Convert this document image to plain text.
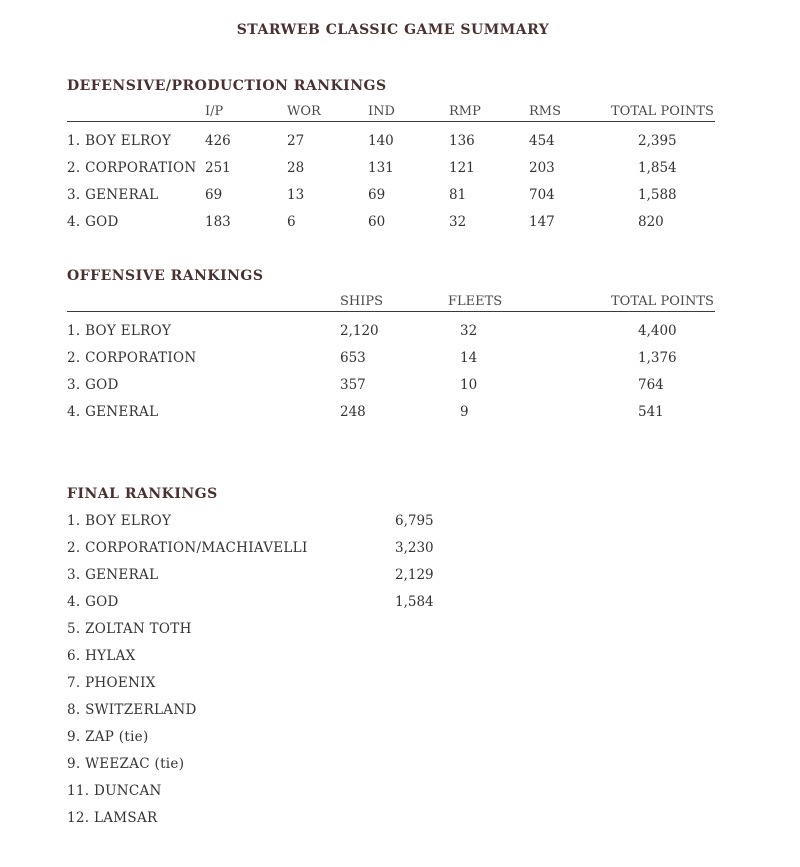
STARWEB CLASSIC GAME SUMMARY
DEFENSIVE/PRODUCTION RANKINGS
I/P	WOR	IND	RMP	RMS	TOTAL POINTS
1. BOY ELROY	426	27	140	136	454	2,395
2. CORPORATION 251	28	131	121	203	1,854
3. GENERAL	69	13	69	81	704	1,588
4. GOD	183	6	60	32	147	820
OFFENSIVE RANKINGS
SHIPS	FLEETS	TOTAL POINTS
1. BOY ELROY	2,120	32	4,400
2. CORPORATION	653	14	1,376
3. GOD	357	10	764
4. GENERAL	248	9	541
FINAL RANKINGS
1. BOY ELROY	6,795
2. CORPORATION/MACHIAVELLI	3,230
3. GENERAL	2,129
4. GOD	1,584
5. ZOLTAN TOTH
6. HYLAX
7. PHOENIX
8. SWITZERLAND
9. ZAP (tie)
9. WEEZAC (tie)
11. DUNCAN
12. LAMSAR
